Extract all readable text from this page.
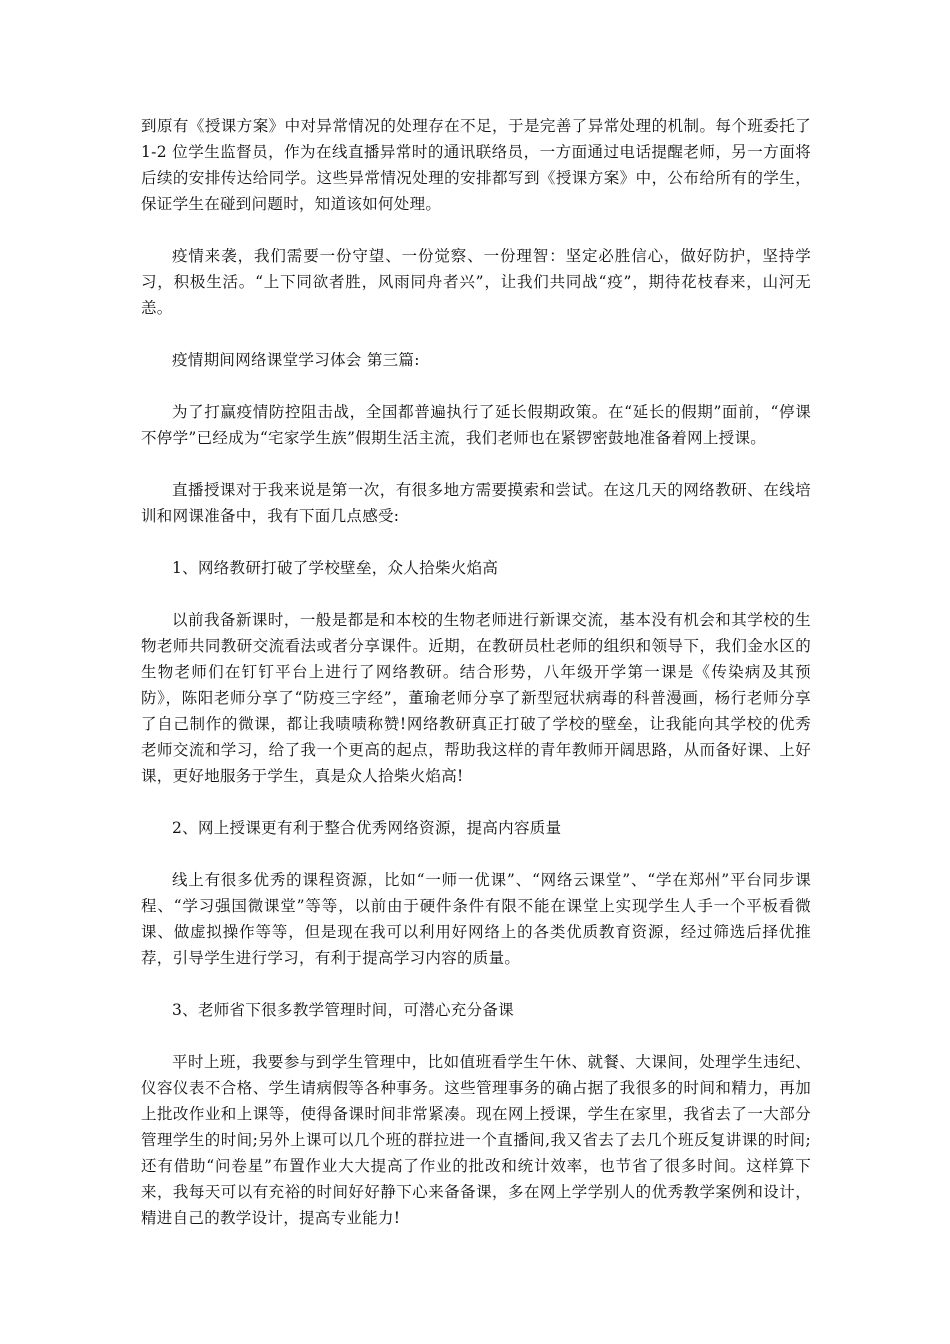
到原有《授课方案》中对异常情况的处理存在不足，于是完善了异常处理的机制。每个班委托了 1-2 位学生监督员，作为在线直播异常时的通讯联络员，一方面通过电话提醒老师，另一方面将后续的安排传达给同学。这些异常情况处理的安排都写到《授课方案》中，公布给所有的学生，保证学生在碰到问题时，知道该如何处理。

疫情来袭，我们需要一份守望、一份觉察、一份理智：坚定必胜信心，做好防护，坚持学习，积极生活。“上下同欲者胜，风雨同舟者兴”，让我们共同战“疫”，期待花枝春来，山河无恙。

疫情期间网络课堂学习体会 第三篇:

为了打赢疫情防控阻击战，全国都普遍执行了延长假期政策。在“延长的假期”面前，“停课不停学”已经成为“宅家学生族”假期生活主流，我们老师也在紧锣密鼓地准备着网上授课。

直播授课对于我来说是第一次，有很多地方需要摸索和尝试。在这几天的网络教研、在线培训和网课准备中，我有下面几点感受:

1、网络教研打破了学校壁垒，众人拾柴火焰高

以前我备新课时，一般是都是和本校的生物老师进行新课交流，基本没有机会和其学校的生物老师共同教研交流看法或者分享课件。近期，在教研员杜老师的组织和领导下，我们金水区的生物老师们在钉钉平台上进行了网络教研。结合形势，八年级开学第一课是《传染病及其预防》，陈阳老师分享了“防疫三字经”，董瑜老师分享了新型冠状病毒的科普漫画，杨行老师分享了自己制作的微课，都让我啧啧称赞!网络教研真正打破了学校的壁垒，让我能向其学校的优秀老师交流和学习，给了我一个更高的起点，帮助我这样的青年教师开阔思路，从而备好课、上好课，更好地服务于学生，真是众人拾柴火焰高!

2、网上授课更有利于整合优秀网络资源，提高内容质量

线上有很多优秀的课程资源，比如“一师一优课”、“网络云课堂”、“学在郑州”平台同步课程、“学习强国微课堂”等等，以前由于硬件条件有限不能在课堂上实现学生人手一个平板看微课、做虚拟操作等等，但是现在我可以利用好网络上的各类优质教育资源，经过筛选后择优推荐，引导学生进行学习，有利于提高学习内容的质量。

3、老师省下很多教学管理时间，可潜心充分备课

平时上班，我要参与到学生管理中，比如值班看学生午休、就餐、大课间，处理学生违纪、仪容仪表不合格、学生请病假等各种事务。这些管理事务的确占据了我很多的时间和精力，再加上批改作业和上课等，使得备课时间非常紧凑。现在网上授课，学生在家里，我省去了一大部分管理学生的时间;另外上课可以几个班的群拉进一个直播间,我又省去了去几个班反复讲课的时间;还有借助“问卷星”布置作业大大提高了作业的批改和统计效率，也节省了很多时间。这样算下来，我每天可以有充裕的时间好好静下心来备备课，多在网上学学别人的优秀教学案例和设计，精进自己的教学设计，提高专业能力!
